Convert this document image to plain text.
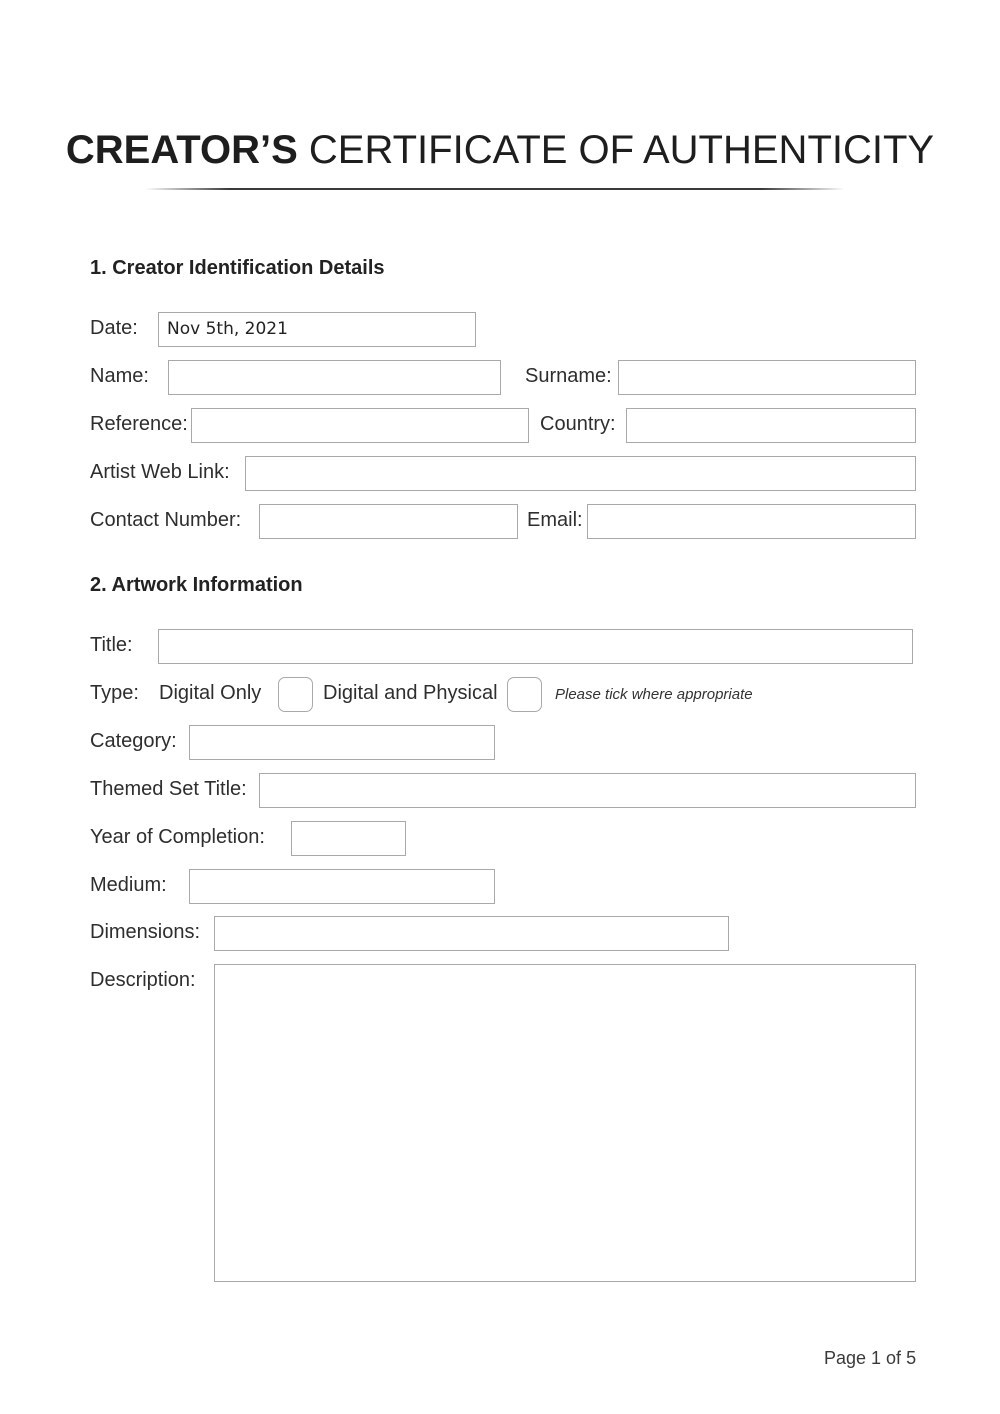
CREATOR’S CERTIFICATE OF AUTHENTICITY
1. Creator Identification Details
Date:	Nov 5th, 2021
Name:	Surname:
Reference:	Country:
Artist Web Link:
Contact Number:	Email:
2. Artwork Information
Title:
Type: Digital Only	Digital and Physical	Please tick where appropriate
Category:
Themed Set Title:
Year of Completion:
Medium:
Dimensions:
Description:
Page 1 of 5
